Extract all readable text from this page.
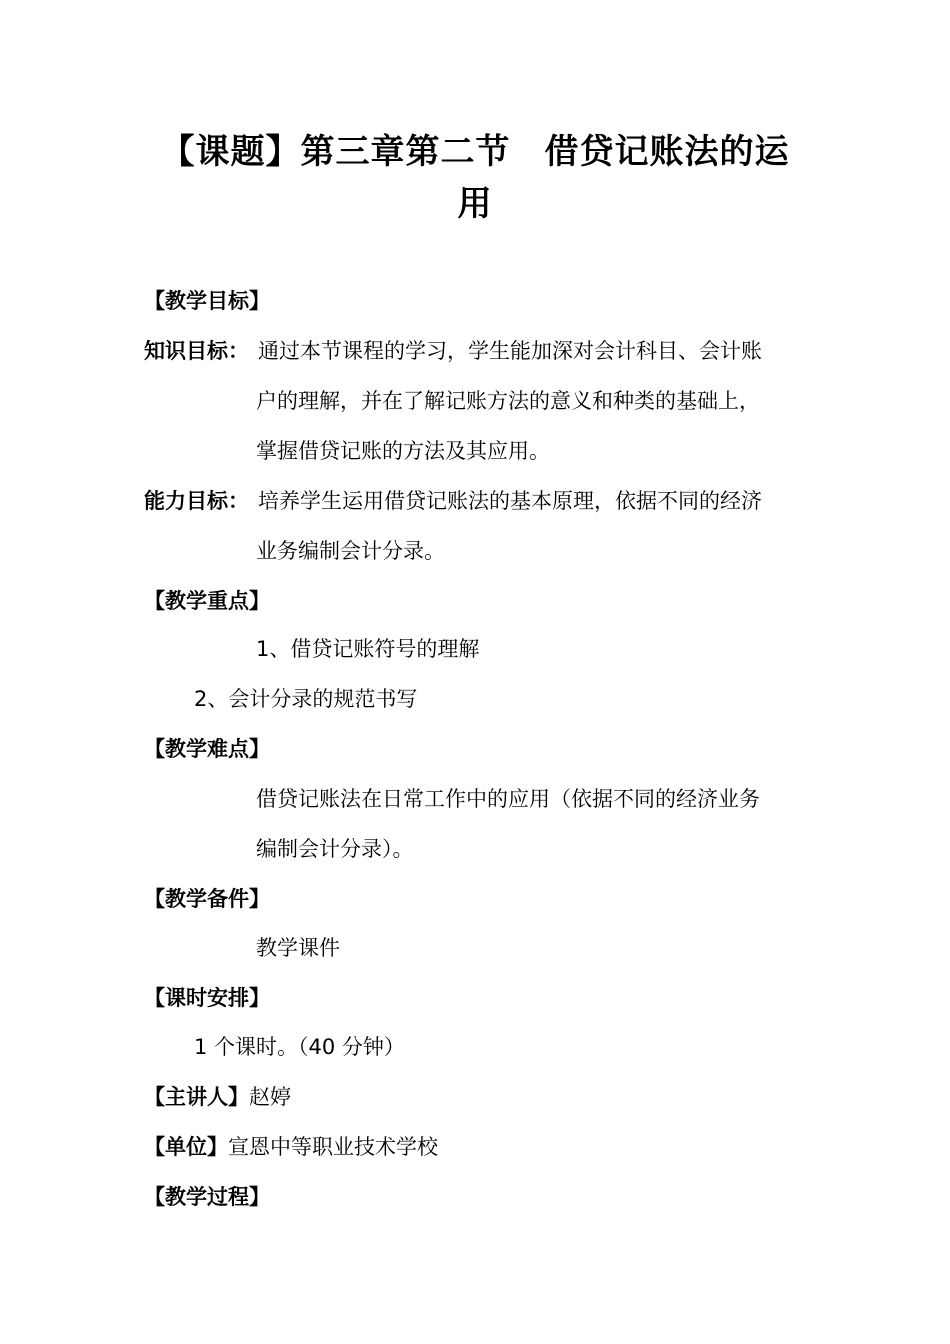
【课题】第三章第二节 借贷记账法的运
用
【教学目标】
知识目标： 通过本节课程的学习，学生能加深对会计科目、会计账
户的理解，并在了解记账方法的意义和种类的基础上，
掌握借贷记账的方法及其应用。
能力目标： 培养学生运用借贷记账法的基本原理，依据不同的经济
业务编制会计分录。
【教学重点】
1、借贷记账符号的理解
2、会计分录的规范书写
【教学难点】
借贷记账法在日常工作中的应用（依据不同的经济业务
编制会计分录）。
【教学备件】
教学课件
【课时安排】
1 个课时。（40 分钟）
【主讲人】赵婷
【单位】宣恩中等职业技术学校
【教学过程】
